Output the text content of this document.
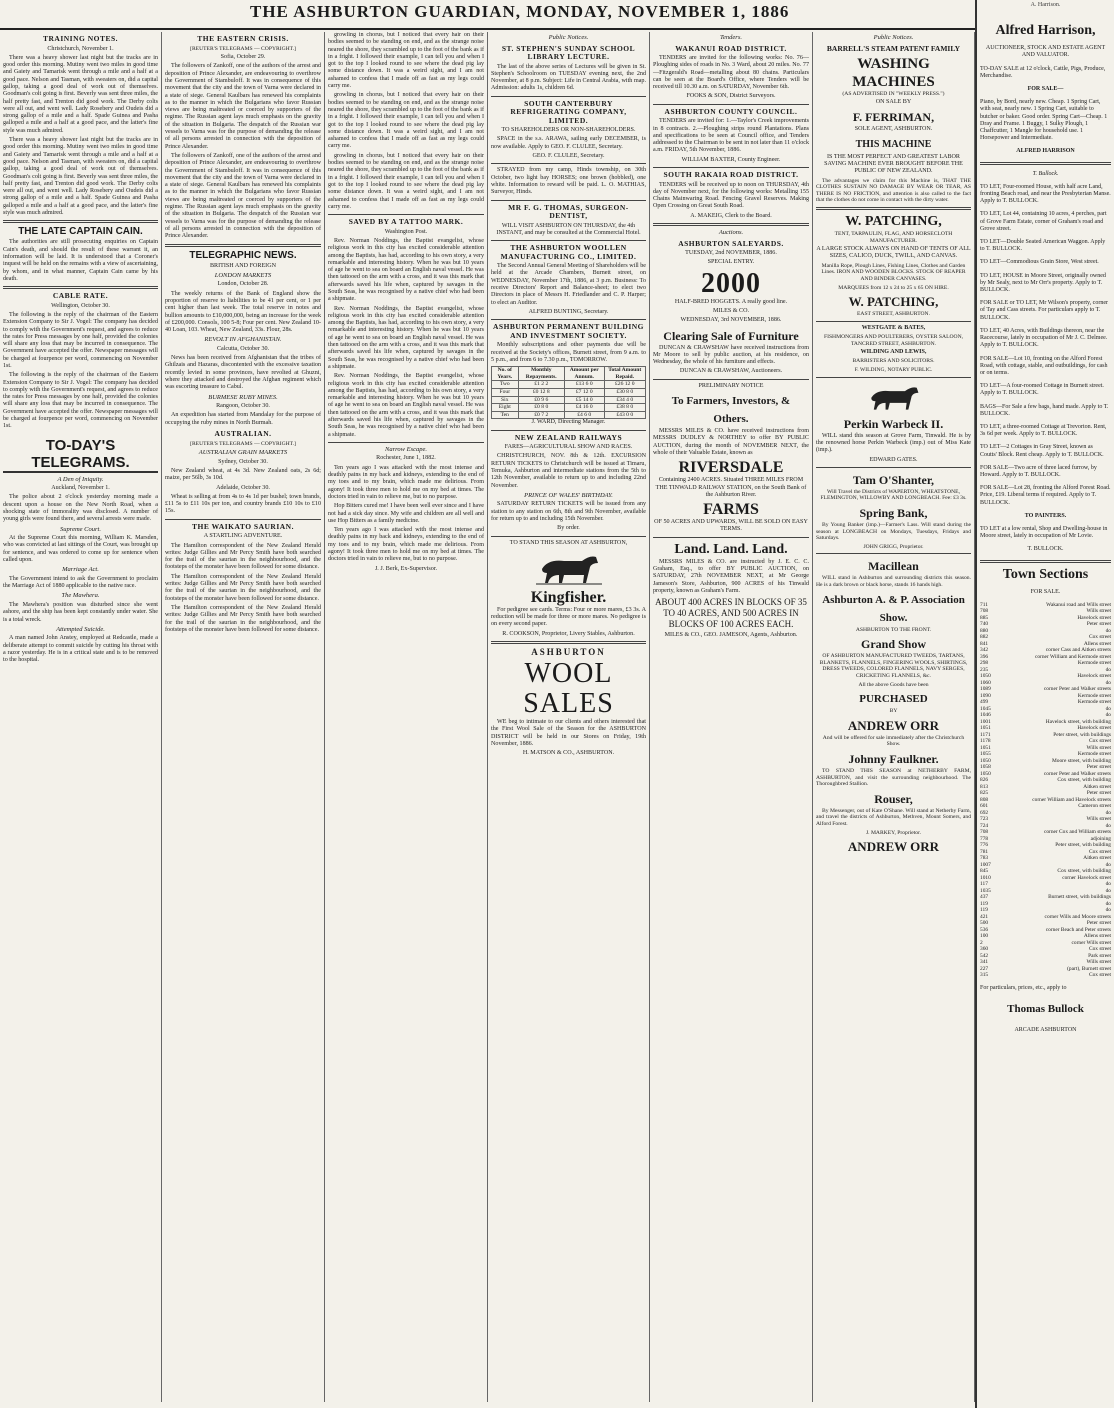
THE ASHBURTON GUARDIAN, MONDAY, NOVEMBER 1, 1886
TRAINING NOTES.

Christchurch, November 1.

There was a heavy shower last night but the tracks are in good order this morning. Mutiny went two miles in good time and Gaiety and Tamarisk went through a mile and a half at a good pace. Nelson and Tasman, with sweaters on, did a capital gallop, taking a good deal of work out of themselves. Goodman's colt going is first. Beverly was sent three miles, the half pretty fast, and Trenton did good work. The Derby colts were all out, and went well. Lady Rosebery and Oudeis did a strong gallop of a mile and a half. Spade Guinea and Pasha galloped a mile and a half at a good pace, and the latter's fine style was much admired.

There was a heavy shower last night but the tracks are in good order this morning. Mutiny went two miles in good time and Gaiety and Tamarisk went through a mile and a half at a good pace. Nelson and Tasman, with sweaters on, did a capital gallop, taking a good deal of work out of themselves. Goodman's colt going is first. Beverly was sent three miles, the half pretty fast, and Trenton did good work. The Derby colts were all out, and went well. Lady Rosebery and Oudeis did a strong gallop of a mile and a half. Spade Guinea and Pasha galloped a mile and a half at a good pace, and the latter's fine style was much admired.

THE LATE CAPTAIN CAIN.

The authorities are still prosecuting enquiries on Captain Cain's death, and should the result of these warrant it, an information will be laid. It is understood that a Coroner's inquest will be held on the remains with a view of ascertaining, by whom, and in what manner, Captain Cain came by his death.

CABLE RATE.

Wellington, October 30.

The following is the reply of the chairman of the Eastern Extension Company to Sir J. Vogel: The company has decided to comply with the Government's request, and agrees to reduce the rates for Press messages by one half, provided the colonies will share any loss that may be incurred in consequence. The Government have accepted the offer. Newspaper messages will be charged at fourpence per word, commencing on November 1st.

The following is the reply of the chairman of the Eastern Extension Company to Sir J. Vogel: The company has decided to comply with the Government's request, and agrees to reduce the rates for Press messages by one half, provided the colonies will share any loss that may be incurred in consequence. The Government have accepted the offer. Newspaper messages will be charged at fourpence per word, commencing on November 1st.

TO-DAY'S TELEGRAMS.
A Den of Iniquity.

Auckland, November 1.

The police about 2 o'clock yesterday morning made a descent upon a house on the New North Road, when a shocking state of immorality was disclosed. A number of young girls were found there, and several arrests were made.

Supreme Court.

At the Supreme Court this morning, William K. Marsden, who was convicted at last sittings of the Court, was brought up for sentence, and was ordered to come up for sentence when called upon.

Marriage Act.

The Government intend to ask the Government to proclaim the Marriage Act of 1880 applicable to the native race.

The Mawhera.

The Mawhera's position was disturbed since she went ashore, and the ship has been kept constantly under water. She is a total wreck.

Attempted Suicide.

A man named John Anstey, employed at Redcastle, made a deliberate attempt to commit suicide by cutting his throat with a razor yesterday. He is in a critical state and is to be removed to the hospital.

THE EASTERN CRISIS.

[REUTER'S TELEGRAMS — COPYRIGHT.]

Sofia, October 29.

The followers of Zankoff, one of the authors of the arrest and deposition of Prince Alexander, are endeavouring to overthrow the Government of Stambuloff. It was in consequence of this movement that the city and the town of Varna were declared in a state of siege. General Kaulbars has renewed his complaints as to the manner in which the Bulgarians who favor Russian views are being maltreated or coerced by supporters of the regime. The Russian agent lays much emphasis on the gravity of the situation in Bulgaria. The despatch of the Russian war vessels to Varna was for the purpose of demanding the release of all persons arrested in connection with the deposition of Prince Alexander.

The followers of Zankoff, one of the authors of the arrest and deposition of Prince Alexander, are endeavouring to overthrow the Government of Stambuloff. It was in consequence of this movement that the city and the town of Varna were declared in a state of siege. General Kaulbars has renewed his complaints as to the manner in which the Bulgarians who favor Russian views are being maltreated or coerced by supporters of the regime. The Russian agent lays much emphasis on the gravity of the situation in Bulgaria. The despatch of the Russian war vessels to Varna was for the purpose of demanding the release of all persons arrested in connection with the deposition of Prince Alexander.

TELEGRAPHIC NEWS.

BRITISH AND FOREIGN

LONDON MARKETS

London, October 28.

The weekly returns of the Bank of England show the proportion of reserve to liabilities to be 41 per cent, or 1 per cent higher than last week. The total reserve in notes and bullion amounts to £10,000,000, being an increase for the week of £200,000. Consols, 100 5-8; Four per cent. New Zealand 10-40 Loan, 103. Wheat, New Zealand, 33s. Flour, 28s.

REVOLT IN AFGHANISTAN.

Calcutta, October 30.

News has been received from Afghanistan that the tribes of Ghilzais and Hazaras, discontented with the excessive taxation recently levied in some provinces, have revolted at Ghuzni, where they attacked and destroyed the Afghan regiment which was escorting treasure to Cabul.

BURMESE RUBY MINES.

Rangoon, October 30.

An expedition has started from Mandalay for the purpose of occupying the ruby mines in North Burmah.

AUSTRALIAN.

[REUTER'S TELEGRAMS — COPYRIGHT.]

AUSTRALIAN GRAIN MARKETS

Sydney, October 30.

New Zealand wheat, at 4s 3d. New Zealand oats, 2s 6d; maize, per 56lb, 3s 10d.

Adelaide, October 30.

Wheat is selling at from 4s to 4s 1d per bushel; town brands, £11 5s to £11 10s per ton, and country brands £10 10s to £10 15s.

THE WAIKATO SAURIAN.

A STARTLING ADVENTURE.

The Hamilton correspondent of the New Zealand Herald writes: Judge Gillies and Mr Percy Smith have both searched for the trail of the saurian in the neighbourhood, and the footsteps of the monster have been followed for some distance.

The Hamilton correspondent of the New Zealand Herald writes: Judge Gillies and Mr Percy Smith have both searched for the trail of the saurian in the neighbourhood, and the footsteps of the monster have been followed for some distance.

The Hamilton correspondent of the New Zealand Herald writes: Judge Gillies and Mr Percy Smith have both searched for the trail of the saurian in the neighbourhood, and the footsteps of the monster have been followed for some distance.

growling in chorus, but I noticed that every hair on their bodies seemed to be standing on end, and as the strange noise neared the shore, they scrambled up to the foot of the bank as if in a fright. I followed their example, I can tell you and when I got to the top I looked round to see where the dead pig lay some distance down. It was a weird sight, and I am not ashamed to confess that I made off as fast as my legs could carry me.

growling in chorus, but I noticed that every hair on their bodies seemed to be standing on end, and as the strange noise neared the shore, they scrambled up to the foot of the bank as if in a fright. I followed their example, I can tell you and when I got to the top I looked round to see where the dead pig lay some distance down. It was a weird sight, and I am not ashamed to confess that I made off as fast as my legs could carry me.

growling in chorus, but I noticed that every hair on their bodies seemed to be standing on end, and as the strange noise neared the shore, they scrambled up to the foot of the bank as if in a fright. I followed their example, I can tell you and when I got to the top I looked round to see where the dead pig lay some distance down. It was a weird sight, and I am not ashamed to confess that I made off as fast as my legs could carry me.

SAVED BY A TATTOO MARK.

Washington Post.

Rev. Norman Noddings, the Baptist evangelist, whose religious work in this city has excited considerable attention among the Baptists, has had, according to his own story, a very remarkable and interesting history. When he was but 10 years of age he went to sea on board an English naval vessel. He was then tattooed on the arm with a cross, and it was this mark that afterwards saved his life when, captured by savages in the South Seas, he was recognised by a native chief who had been a shipmate.

Rev. Norman Noddings, the Baptist evangelist, whose religious work in this city has excited considerable attention among the Baptists, has had, according to his own story, a very remarkable and interesting history. When he was but 10 years of age he went to sea on board an English naval vessel. He was then tattooed on the arm with a cross, and it was this mark that afterwards saved his life when, captured by savages in the South Seas, he was recognised by a native chief who had been a shipmate.

Rev. Norman Noddings, the Baptist evangelist, whose religious work in this city has excited considerable attention among the Baptists, has had, according to his own story, a very remarkable and interesting history. When he was but 10 years of age he went to sea on board an English naval vessel. He was then tattooed on the arm with a cross, and it was this mark that afterwards saved his life when, captured by savages in the South Seas, he was recognised by a native chief who had been a shipmate.

Narrow Escape.

Rochester, June 1, 1882.

Ten years ago I was attacked with the most intense and deathly pains in my back and kidneys, extending to the end of my toes and to my brain, which made me delirious. From agony! It took three men to hold me on my bed at times. The doctors tried in vain to relieve me, but to no purpose.

Hop Bitters cured me! I have been well ever since and I have not had a sick day since. My wife and children are all well and use Hop Bitters as a family medicine.

Ten years ago I was attacked with the most intense and deathly pains in my back and kidneys, extending to the end of my toes and to my brain, which made me delirious. From agony! It took three men to hold me on my bed at times. The doctors tried in vain to relieve me, but to no purpose.

J. J. Berk, Ex-Supervisor.

Public Notices.
ST. STEPHEN'S SUNDAY SCHOOL LIBRARY LECTURE.

The last of the above series of Lectures will be given in St. Stephen's Schoolroom on TUESDAY evening next, the 2nd November, at 8 p.m. Subject: Life in Central Arabia, with map. Admission: adults 1s, children 6d.

SOUTH CANTERBURY REFRIGERATING COMPANY, LIMITED.

TO SHAREHOLDERS OR NON-SHAREHOLDERS.

SPACE in the s.s. ARAWA, sailing early DECEMBER, is now available. Apply to GEO. F. CLULEE, Secretary.

GEO. F. CLULEE, Secretary.

STRAYED from my camp, Hinds township, on 30th October, two light bay HORSES; one brown (hobbled), one white. Information to reward will be paid. L. O. MATHIAS, Surveyor, Hinds.

MR F. G. THOMAS, SURGEON-DENTIST,

WILL VISIT ASHBURTON ON THURSDAY, the 4th INSTANT, and may be consulted at the Commercial Hotel.

THE ASHBURTON WOOLLEN MANUFACTURING CO., LIMITED.

The Second Annual General Meeting of Shareholders will be held at the Arcade Chambers, Burnett street, on WEDNESDAY, November 17th, 1886, at 3 p.m. Business: To receive Directors' Report and Balance-sheet; to elect two Directors in place of Messrs H. Friedlander and C. P. Harper; to elect an Auditor.

ALFRED BUNTING, Secretary.

ASHBURTON PERMANENT BUILDING AND INVESTMENT SOCIETY.

Monthly subscriptions and other payments due will be received at the Society's offices, Burnett street, from 9 a.m. to 5 p.m., and from 6 to 7.30 p.m., TOMORROW.

No. of Years.	Monthly Repayments.	Amount per Annum.	Total Amount Repaid.
Two	£1 2 2	£13 6 0	£26 12 0
Four	£0 12 8	£7 12 0	£30 8 0
Six	£0 9 6	£5 14 0	£34 4 0
Eight	£0 8 0	£4 16 0	£38 8 0
Ten	£0 7 2	£4 6 0	£43 0 0

J. WARD, Directing Manager.

NEW ZEALAND RAILWAYS

FARES—AGRICULTURAL SHOW AND RACES.

CHRISTCHURCH, NOV. 8th & 12th. EXCURSION RETURN TICKETS to Christchurch will be issued at Timaru, Temuka, Ashburton and intermediate stations from the 5th to 12th November, available to return up to and including 22nd November.

PRINCE OF WALES' BIRTHDAY.

SATURDAY RETURN TICKETS will be issued from any station to any station on 6th, 8th and 9th November, available for return up to and including 15th November.

By order.

TO STAND THIS SEASON AT ASHBURTON,

Kingfisher.

For pedigree see cards. Terms: Four or more mares, £3 3s. A reduction will be made for three or more mares. No pedigree is on every second paper.

R. COOKSON, Proprietor, Livery Stables, Ashburton.

ASHBURTON

WOOL SALES

WE beg to intimate to our clients and others interested that the First Wool Sale of the Season for the ASHBURTON DISTRICT will be held in our Stores on Friday, 19th November, 1886.

H. MATSON & CO., ASHBURTON.

Tenders.
WAKANUI ROAD DISTRICT.

TENDERS are invited for the following works: No. 76—Ploughing sides of roads in No. 3 Ward, about 20 miles. No. 77—Fitzgerald's Road—metalling about 80 chains. Particulars can be seen at the Board's Office, where Tenders will be received till 10.30 a.m. on SATURDAY, November 6th.

FOOKS & SON, District Surveyors.

ASHBURTON COUNTY COUNCIL.

TENDERS are invited for: 1.—Taylor's Creek improvements in 8 contracts. 2.—Ploughing strips round Plantations. Plans and specifications to be seen at Council office, and Tenders addressed to the Chairman to be sent in not later than 11 o'clock a.m. FRIDAY, 5th November, 1886.

WILLIAM BAXTER, County Engineer.

SOUTH RAKAIA ROAD DISTRICT.

TENDERS will be received up to noon on THURSDAY, 4th day of November next, for the following works: Metalling 155 Chains Mainwaring Road. Fencing Gravel Reserves. Making Open Crossing on Great South Road.

A. MAKEIG, Clerk to the Board.

Auctions.
ASHBURTON SALEYARDS.

TUESDAY, 2nd NOVEMBER, 1886.

SPECIAL ENTRY.

2000

HALF-BRED HOGGETS. A really good line.

MILES & CO.

WEDNESDAY, 3rd NOVEMBER, 1886.

Clearing Sale of Furniture

DUNCAN & CRAWSHAW have received instructions from Mr Moore to sell by public auction, at his residence, on Wednesday, the whole of his furniture and effects.

DUNCAN & CRAWSHAW, Auctioneers.

PRELIMINARY NOTICE

To Farmers, Investors, & Others.

MESSRS MILES & CO. have received instructions from MESSRS DUDLEY & NORTHEY to offer BY PUBLIC AUCTION, during the month of NOVEMBER NEXT, the whole of their Valuable Estate, known as

RIVERSDALE

Containing 2400 ACRES. Situated THREE MILES FROM THE TINWALD RAILWAY STATION, on the South Bank of the Ashburton River.

FARMS

OF 50 ACRES AND UPWARDS, WILL BE SOLD ON EASY TERMS.

Land. Land. Land.

MESSRS MILES & CO. are instructed by J. E. C. C. Graham, Esq., to offer BY PUBLIC AUCTION, on SATURDAY, 27th NOVEMBER NEXT, at Mr George Jameson's Store, Ashburton, 900 ACRES of his Tinwald property, known as Graham's Farm.

ABOUT 400 ACRES IN BLOCKS OF 35 TO 40 ACRES, AND 500 ACRES IN BLOCKS OF 100 ACRES EACH.

MILES & CO., GEO. JAMESON, Agents, Ashburton.

Public Notices.

BARRELL'S STEAM PATENT FAMILY

WASHING MACHINES

(AS ADVERTISED IN "WEEKLY PRESS.")

ON SALE BY

F. FERRIMAN,

SOLE AGENT, ASHBURTON.

THIS MACHINE

IS THE MOST PERFECT AND GREATEST LABOR SAVING MACHINE EVER BROUGHT BEFORE THE PUBLIC OF NEW ZEALAND.

The advantages we claim for this Machine is, THAT THE CLOTHES SUSTAIN NO DAMAGE BY WEAR OR TEAR, AS THERE IS NO FRICTION, and attention is also called to the fact that the clothes do not come in contact with the dirty water.

W. PATCHING,

TENT, TARPAULIN, FLAG, AND HORSECLOTH MANUFACTURER.

A LARGE STOCK ALWAYS ON HAND OF TENTS OF ALL SIZES, CALICO, DUCK, TWILL, AND CANVAS.

Manilla Rope, Plough Lines, Fishing Lines, Clothes and Garden Lines. IRON AND WOODEN BLOCKS. STOCK OF REAPER AND BINDER CANVASES.

MARQUEES from 12 x 24 to 25 x 65 ON HIRE.

W. PATCHING,

EAST STREET, ASHBURTON.

WESTGATE & BATES,

FISHMONGERS AND POULTERERS, OYSTER SALOON, TANCRED STREET, ASHBURTON.

WILDING AND LEWIS,

BARRISTERS AND SOLICITORS.

F. WILDING, NOTARY PUBLIC.

Perkin Warbeck II.

WILL stand this season at Grove Farm, Tinwald. He is by the renowned horse Perkin Warbeck (imp.) out of Miss Kate (imp.).

EDWARD GATES.

Tam O'Shanter,

Will Travel the Districts of WAPERTON, WHEATSTONE, FLEMINGTON, WILLOWBY AND LONGBEACH. Fee: £3 3s.

Spring Bank,

By Young Banker (imp.)—Farmer's Lass. Will stand during the season at LONGBEACH on Mondays, Tuesdays, Fridays and Saturdays.

JOHN GRIGG, Proprietor.

Macillean

WILL stand in Ashburton and surrounding districts this season. He is a dark brown or black horse, stands 16 hands high.

Ashburton A. & P. Association Show.

ASHBURTON TO THE FRONT.

Grand Show

OF ASHBURTON MANUFACTURED TWEEDS, TARTANS, BLANKETS, FLANNELS, FINGERING WOOLS, SHIRTINGS, DRESS TWEEDS, COLORED FLANNELS, NAVY SERGES, CRICKETING FLANNELS, &c.

All the above Goods have been

PURCHASED

BY

ANDREW ORR

And will be offered for sale immediately after the Christchurch Show.

Johnny Faulkner.

TO STAND THIS SEASON at NETHERBY FARM, ASHBURTON, and visit the surrounding neighbourhood. The Thoroughbred Stallion.

Rouser,

By Messenger, out of Kate O'Shane. Will stand at Netherby Farm, and travel the districts of Ashburton, Methven, Mount Somers, and Alford Forest.

J. MARKEY, Proprietor.

ANDREW ORR

A. Harrison.

Alfred Harrison,

AUCTIONEER, STOCK AND ESTATE AGENT AND VALUATOR.

TO-DAY SALE at 12 o'clock, Cattle, Pigs, Produce, Merchandise.

FOR SALE—

Piano, by Bord, nearly new. Cheap. 1 Spring Cart, with seat, nearly new. 1 Spring Cart, suitable to butcher or baker. Good order. Spring Cart—Cheap. 1 Dray and Frame. 1 Buggy, 1 Sulky Plough, 1 Chaffcutter, 1 Mangle for household use. 1 Horsepower and Intermediate.

ALFRED HARRISON

T. Bullock.

TO LET, Four-roomed House, with half acre Land, fronting Beach road, and near the Presbyterian Manse. Apply to T. BULLOCK.

TO LET, Lot 44, containing 10 acres, 4 perches, part of Grove Farm Estate, corner of Graham's road and Grove street.

TO LET—Double Seated American Waggon. Apply to T. BULLOCK.

TO LET—Commodious Grain Store, West street.

TO LET, HOUSE in Moore Street, originally owned by Mr Sealy, next to Mr Orr's property. Apply to T. BULLOCK.

FOR SALE or TO LET, Mr Wilson's property, corner of Tay and Cass streets. For particulars apply to T. BULLOCK.

TO LET, 40 Acres, with Buildings thereon, near the Racecourse, lately in occupation of Mr J. C. Delmee. Apply to T. BULLOCK.

FOR SALE—Lot 10, fronting on the Alford Forest Road, with cottage, stable, and outbuildings, for cash or on terms.

TO LET—A four-roomed Cottage in Burnett street. Apply to T. BULLOCK.

BAGS—For Sale a few bags, hand made. Apply to T. BULLOCK.

TO LET, a three-roomed Cottage at Trevorton. Rent, 3s 6d per week. Apply to T. BULLOCK.

TO LET—2 Cottages in Gray Street, known as Coutts' Block. Rent cheap. Apply to T. BULLOCK.

FOR SALE—Two acre of three laced furrow, by Howard. Apply to T. BULLOCK.

FOR SALE—Lot 28, fronting the Alford Forest Road. Price, £19. Liberal terms if required. Apply to T. BULLOCK.

TO PAINTERS.

TO LET at a low rental, Shop and Dwelling-house in Moore street, lately in occupation of Mr Lovie.

T. BULLOCK.

Town Sections

FOR SALE.

711	Wakanui road and Wills street
708	Wills street
885	Havelock street
740	Peter street
880	do
882	Cox street
841	Allens street
342	corner Cass and Aitken streets
396	corner William and Kermode street
298	Kermode street
235	do
1050	Havelock street
1060	do
1089	corner Peter and Walker streets
1090	Kermode street
499	Kermode street
1045	do
1046	do
1001	Havelock street, with building
1051	Havelock street
1171	Peter street, with buildings
1178	Cox street
1051	Wills street
1055	Kermode street
1050	Moore street, with building
1058	Peter street
1050	corner Peter and Walker streets
826	Cox street, with building
813	Aitken street
825	Peter street
808	corner William and Havelock streets
601	Cameron street
692	do
723	Wills street
724	do
708	corner Cox and William streets
778	adjoining
776	Peter street, with building
781	Cox street
783	Aitken street
1007	do
845	Cox street, with building
1010	corner Havelock street
117	do
1035	do
437	Burnett street, with buildings
119	do
119	do
421	corner Wills and Moore streets
500	Peter street
536	corner Beach and Peter streets
100	Allens street
2	corner Wills street
360	Cox street
542	Park street
341	Wills street
227	(part), Burnett street
315	Cox street

For particulars, prices, etc., apply to

Thomas Bullock

ARCADE ASHBURTON
